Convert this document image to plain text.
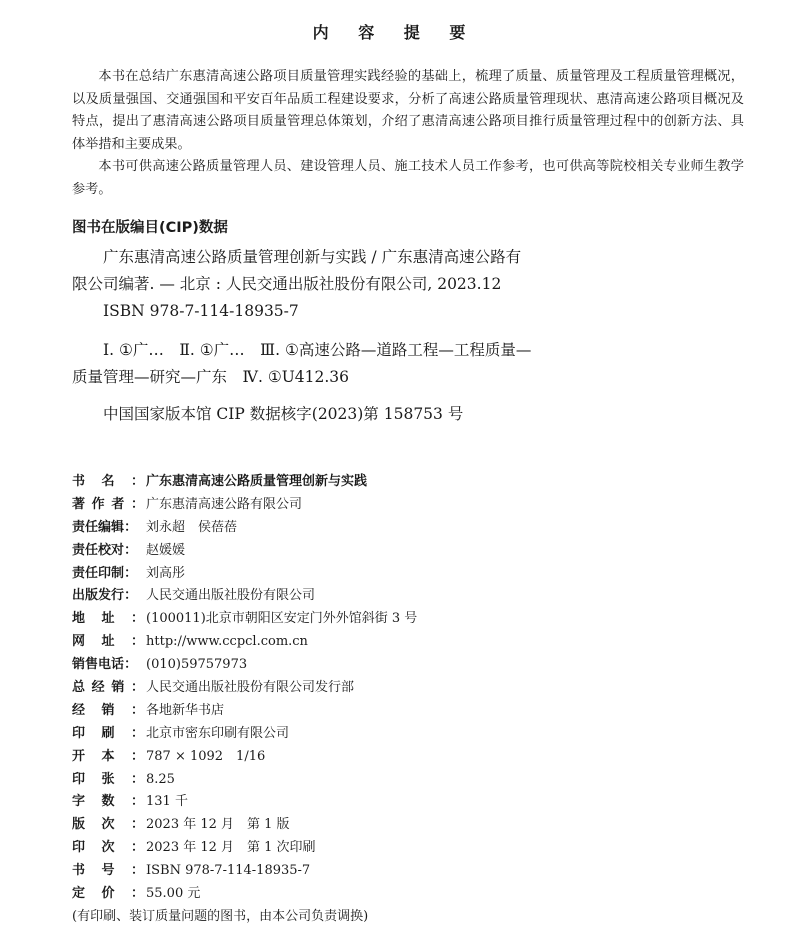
内 容 提 要

本书在总结广东惠清高速公路项目质量管理实践经验的基础上，梳理了质量、质量管理及工程质量管理概况，以及质量强国、交通强国和平安百年品质工程建设要求，分析了高速公路质量管理现状、惠清高速公路项目概况及特点，提出了惠清高速公路项目质量管理总体策划，介绍了惠清高速公路项目推行质量管理过程中的创新方法、具体举措和主要成果。

本书可供高速公路质量管理人员、建设管理人员、施工技术人员工作参考，也可供高等院校相关专业师生教学参考。

图书在版编目(CIP)数据

广东惠清高速公路质量管理创新与实践 / 广东惠清高速公路有限公司编著. — 北京 : 人民交通出版社股份有限公司, 2023.12

ISBN 978-7-114-18935-7

Ⅰ. ①广…　Ⅱ. ①广…　Ⅲ. ①高速公路—道路工程—工程质量—质量管理—研究—广东　Ⅳ. ①U412.36

中国国家版本馆 CIP 数据核字(2023)第 158753 号

书 名 ： 广东惠清高速公路质量管理创新与实践
著 作 者 ： 广东惠清高速公路有限公司
责 任 编 辑 ： 刘永超　侯蓓蓓
责 任 校 对 ： 赵媛媛
责 任 印 制 ： 刘高彤
出 版 发 行 ： 人民交通出版社股份有限公司
地 址 ： (100011)北京市朝阳区安定门外外馆斜街 3 号
网 址 ： http://www.ccpcl.com.cn
销 售 电 话 ： (010)59757973
总 经 销 ： 人民交通出版社股份有限公司发行部
经 销 ： 各地新华书店
印 刷 ： 北京市密东印刷有限公司
开 本 ： 787 × 1092　1/16
印 张 ： 8.25
字 数 ： 131 千
版 次 ： 2023 年 12 月　第 1 版
印 次 ： 2023 年 12 月　第 1 次印刷
书 号 ： ISBN 978-7-114-18935-7
定 价 ： 55.00 元
(有印刷、装订质量问题的图书，由本公司负责调换)
